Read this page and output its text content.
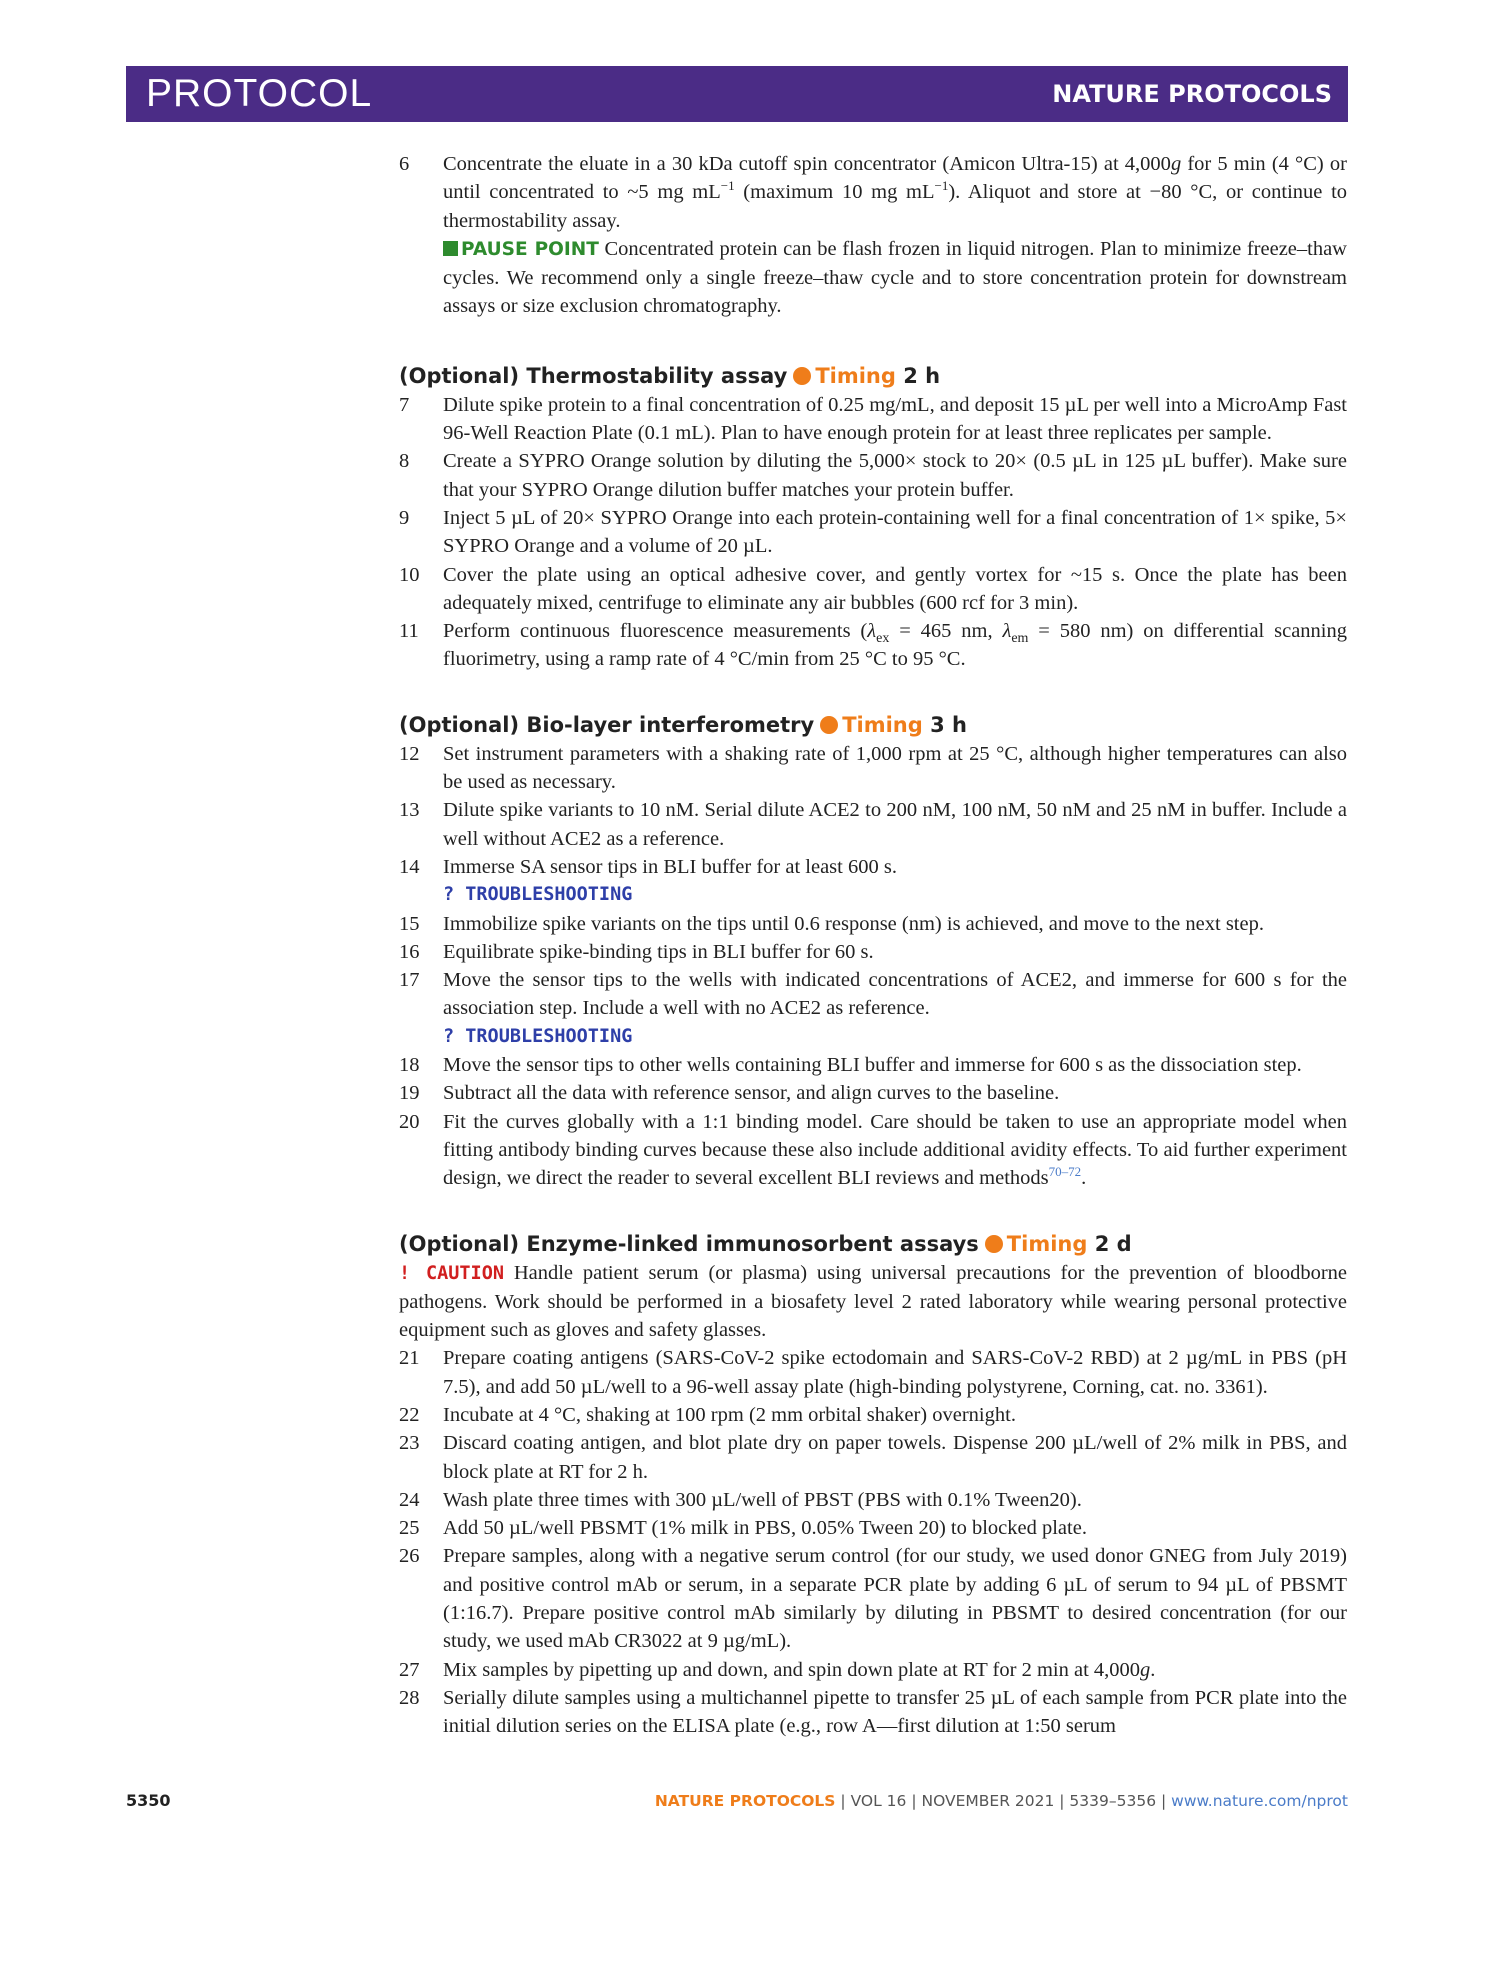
PROTOCOL	NATURE PROTOCOLS
6	Concentrate the eluate in a 30 kDa cutoff spin concentrator (Amicon Ultra-15) at 4,000g for 5 min (4 °C) or until concentrated to ~5 mg $mL^{-1}$ (maximum 10 mg $mL^{-1}$). Aliquot and store at −80 °C, or continue to thermostability assay.
PAUSE POINT Concentrated protein can be flash frozen in liquid nitrogen. Plan to minimize freeze–thaw cycles. We recommend only a single freeze–thaw cycle and to store concentration protein for downstream assays or size exclusion chromatography.
(Optional) Thermostability assay Timing 2 h
7	Dilute spike protein to a final concentration of 0.25 mg/mL, and deposit 15 µL per well into a MicroAmp Fast 96-Well Reaction Plate (0.1 mL). Plan to have enough protein for at least three replicates per sample.
8	Create a SYPRO Orange solution by diluting the 5,000× stock to 20× (0.5 µL in 125 µL buffer). Make sure that your SYPRO Orange dilution buffer matches your protein buffer.
9	Inject 5 µL of 20× SYPRO Orange into each protein-containing well for a final concentration of 1× spike, 5× SYPRO Orange and a volume of 20 µL.
10	Cover the plate using an optical adhesive cover, and gently vortex for ~15 s. Once the plate has been adequately mixed, centrifuge to eliminate any air bubbles (600 rcf for 3 min).
11	Perform continuous fluorescence measurements ($\lambda_{ex} = 465$ nm, $\lambda_{em} = 580$ nm) on differential scanning fluorimetry, using a ramp rate of 4 °C/min from 25 °C to 95 °C.
(Optional) Bio-layer interferometry Timing 3 h
12	Set instrument parameters with a shaking rate of 1,000 rpm at 25 °C, although higher temperatures can also be used as necessary.
13	Dilute spike variants to 10 nM. Serial dilute ACE2 to 200 nM, 100 nM, 50 nM and 25 nM in buffer. Include a well without ACE2 as a reference.
14	Immerse SA sensor tips in BLI buffer for at least 600 s.
? TROUBLESHOOTING
15	Immobilize spike variants on the tips until 0.6 response (nm) is achieved, and move to the next step.
16	Equilibrate spike-binding tips in BLI buffer for 60 s.
17	Move the sensor tips to the wells with indicated concentrations of ACE2, and immerse for 600 s for the association step. Include a well with no ACE2 as reference.
? TROUBLESHOOTING
18	Move the sensor tips to other wells containing BLI buffer and immerse for 600 s as the dissociation step.
19	Subtract all the data with reference sensor, and align curves to the baseline.
20	Fit the curves globally with a 1:1 binding model. Care should be taken to use an appropriate model when fitting antibody binding curves because these also include additional avidity effects. To aid further experiment design, we direct the reader to several excellent BLI reviews and methods$^{70-72}$.
(Optional) Enzyme-linked immunosorbent assays Timing 2 d
! CAUTION Handle patient serum (or plasma) using universal precautions for the prevention of bloodborne pathogens. Work should be performed in a biosafety level 2 rated laboratory while wearing personal protective equipment such as gloves and safety glasses.
21	Prepare coating antigens (SARS-CoV-2 spike ectodomain and SARS-CoV-2 RBD) at 2 µg/mL in PBS (pH 7.5), and add 50 µL/well to a 96-well assay plate (high-binding polystyrene, Corning, cat. no. 3361).
22	Incubate at 4 °C, shaking at 100 rpm (2 mm orbital shaker) overnight.
23	Discard coating antigen, and blot plate dry on paper towels. Dispense 200 µL/well of 2% milk in PBS, and block plate at RT for 2 h.
24	Wash plate three times with 300 µL/well of PBST (PBS with 0.1% Tween20).
25	Add 50 µL/well PBSMT (1% milk in PBS, 0.05% Tween 20) to blocked plate.
26	Prepare samples, along with a negative serum control (for our study, we used donor GNEG from July 2019) and positive control mAb or serum, in a separate PCR plate by adding 6 µL of serum to 94 µL of PBSMT (1:16.7). Prepare positive control mAb similarly by diluting in PBSMT to desired concentration (for our study, we used mAb CR3022 at 9 µg/mL).
27	Mix samples by pipetting up and down, and spin down plate at RT for 2 min at 4,000g.
28	Serially dilute samples using a multichannel pipette to transfer 25 µL of each sample from PCR plate into the initial dilution series on the ELISA plate (e.g., row A—first dilution at 1:50 serum
5350	NATURE PROTOCOLS | VOL 16 | NOVEMBER 2021 | 5339–5356 | www.nature.com/nprot
